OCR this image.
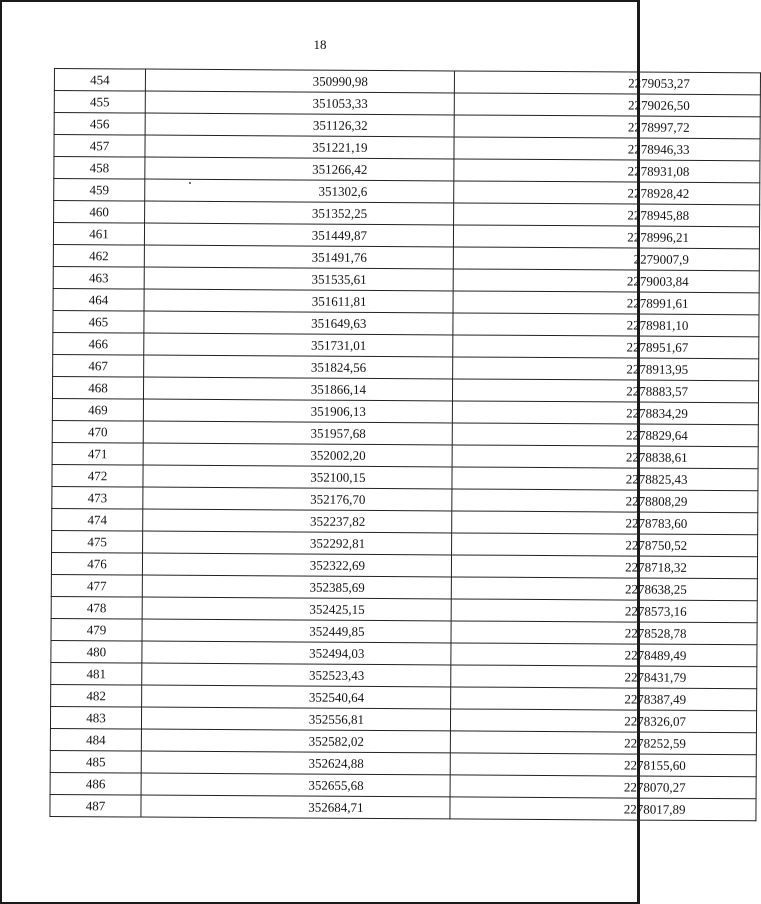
18
454	350990,98	2279053,27
455	351053,33	2279026,50
456	351126,32	2278997,72
457	351221,19	2278946,33
458	351266,42	2278931,08
459	351302,6	2278928,42
460	351352,25	2278945,88
461	351449,87	2278996,21
462	351491,76	2279007,9
463	351535,61	2279003,84
464	351611,81	2278991,61
465	351649,63	2278981,10
466	351731,01	2278951,67
467	351824,56	2278913,95
468	351866,14	2278883,57
469	351906,13	2278834,29
470	351957,68	2278829,64
471	352002,20	2278838,61
472	352100,15	2278825,43
473	352176,70	2278808,29
474	352237,82	2278783,60
475	352292,81	2278750,52
476	352322,69	2278718,32
477	352385,69	2278638,25
478	352425,15	2278573,16
479	352449,85	2278528,78
480	352494,03	2278489,49
481	352523,43	2278431,79
482	352540,64	2278387,49
483	352556,81	2278326,07
484	352582,02	2278252,59
485	352624,88	2278155,60
486	352655,68	2278070,27
487	352684,71	2278017,89
